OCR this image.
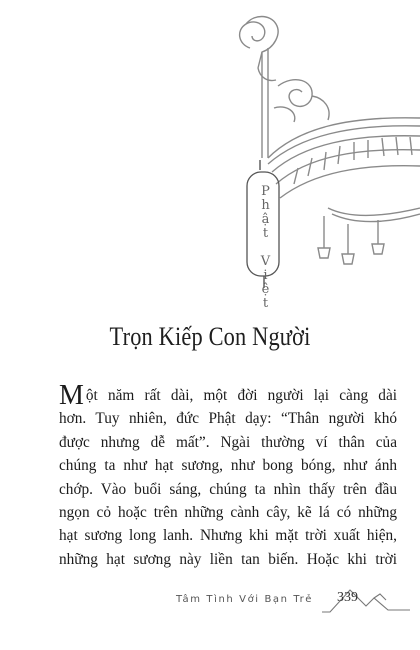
Phật Việt
Trọn Kiếp Con Người
M ột năm rất dài, một đời người lại càng dài
hơn. Tuy nhiên, đức Phật dạy: “Thân người khó
được nhưng dễ mất”. Ngài thường ví thân của
chúng ta như hạt sương, như bong bóng, như ánh
chớp. Vào buổi sáng, chúng ta nhìn thấy trên đầu
ngọn cỏ hoặc trên những cành cây, kẽ lá có những
hạt sương long lanh. Nhưng khi mặt trời xuất hiện,
những hạt sương này liền tan biến. Hoặc khi trời
Tâm Tình Với Bạn Trẻ 339
